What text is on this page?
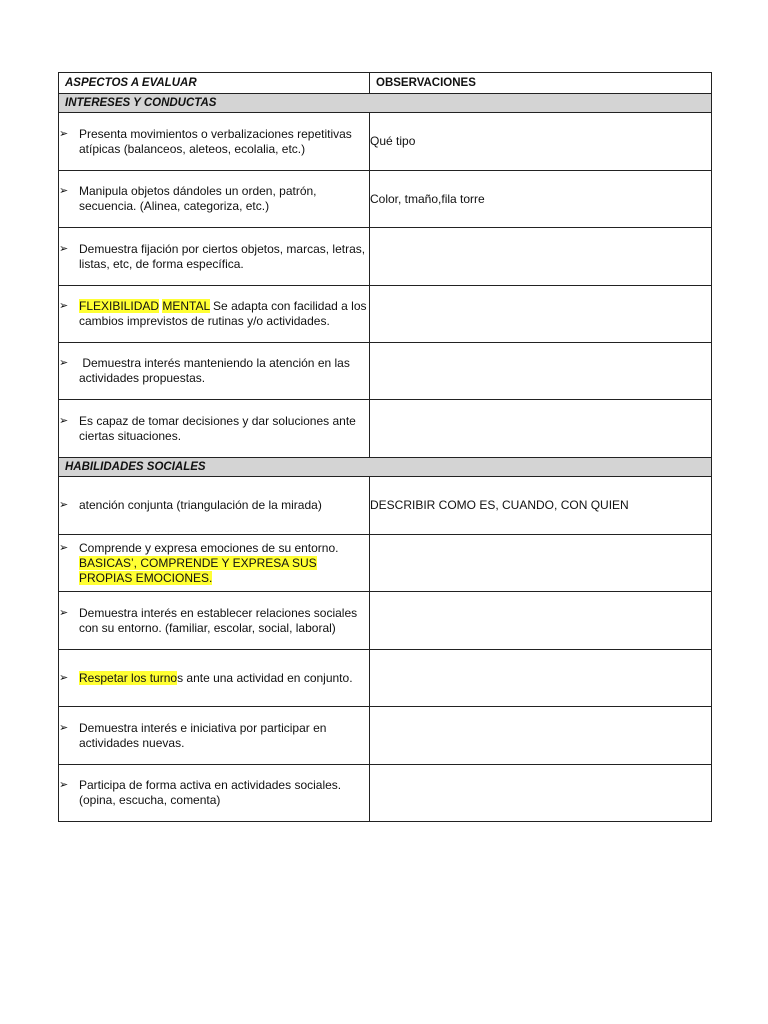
ASPECTOS A EVALUAR	OBSERVACIONES
INTERESES Y CONDUCTAS	

➢ Presenta movimientos o verbalizaciones repetitivas atípicas (balanceos, aleteos, ecolalia, etc.)	Qué tipo

➢ Manipula objetos dándoles un orden, patrón, secuencia. (Alinea, categoriza, etc.)	Color, tmaño,fila torre

➢ Demuestra fijación por ciertos objetos, marcas, letras, listas, etc, de forma específica.	

➢ FLEXIBILIDAD MENTAL Se adapta con facilidad a los cambios imprevistos de rutinas y/o actividades.	

➢ Demuestra interés manteniendo la atención en las actividades propuestas.	

➢ Es capaz de tomar decisiones y dar soluciones ante ciertas situaciones.	

HABILIDADES SOCIALES	

➢ atención conjunta (triangulación de la mirada)	DESCRIBIR COMO ES, CUANDO, CON QUIEN

➢ Comprende y expresa emociones de su entorno. BASICAS’, COMPRENDE Y EXPRESA SUS PROPIAS EMOCIONES.	

➢ Demuestra interés en establecer relaciones sociales con su entorno. (familiar, escolar, social, laboral)	

➢ Respetar los turnos ante una actividad en conjunto.	

➢ Demuestra interés e iniciativa por participar en actividades nuevas.	

➢ Participa de forma activa en actividades sociales. (opina, escucha, comenta)	
